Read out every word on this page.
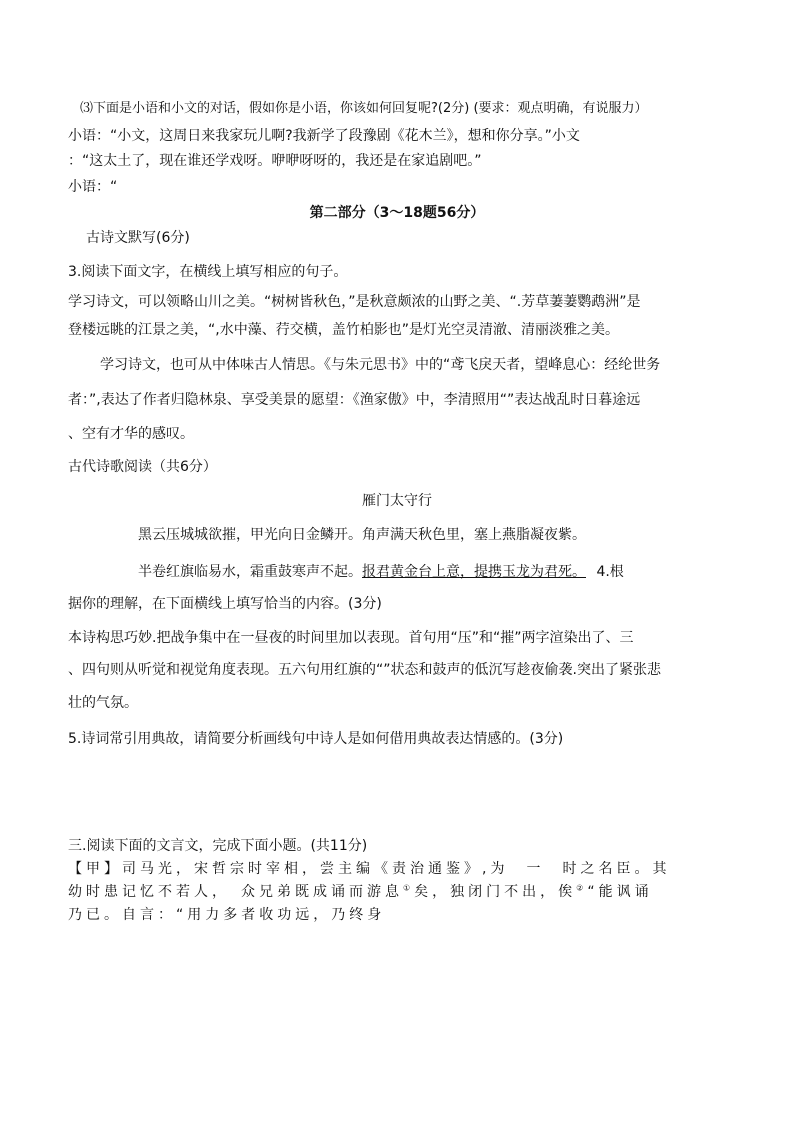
⑶下面是小语和小文的对话，假如你是小语，你该如何回复呢?(2分) (要求：观点明确，有说服力）
小语：“小文，这周日来我家玩儿啊?我新学了段豫剧《花木兰》，想和你分享。”小文
：“这太土了，现在谁还学戏呀。咿咿呀呀的，我还是在家追剧吧。”
小语：“
第二部分（3～18题56分）
古诗文默写(6分)
3.阅读下面文字，在横线上填写相应的句子。
学习诗文，可以领略山川之美。“树树皆秋色，”是秋意颇浓的山野之美、“.芳草萋萋鹦鹉洲”是
登楼远眺的江景之美，“,水中藻、荇交横，盖竹柏影也”是灯光空灵清澈、清丽淡雅之美。
学习诗文，也可从中体味古人情思。《与朱元思书》中的“鸢飞戾天者，望峰息心：经纶世务
者：”,表达了作者归隐林泉、享受美景的愿望：《渔家傲》中，李清照用“”表达战乱时日暮途远
、空有才华的感叹。
古代诗歌阅读（共6分）
雁门太守行
黑云压城城欲摧，甲光向日金鳞开。角声满天秋色里，塞上燕脂凝夜紫。
半卷红旗临易水，霜重鼓寒声不起。报君黄金台上意，提携玉龙为君死。 4.根
据你的理解，在下面横线上填写恰当的内容。(3分)
本诗构思巧妙.把战争集中在一昼夜的时间里加以表现。首句用“压”和“摧”两字渲染出了、三
、四句则从听觉和视觉角度表现。五六句用红旗的“”状态和鼓声的低沉写趁夜偷袭.突出了紧张悲
壮的气氛。
5.诗词常引用典故，请简要分析画线句中诗人是如何借用典故表达情感的。(3分)
三.阅读下面的文言文，完成下面小题。(共11分)
【甲】司马光，宋哲宗时宰相，尝主编《责治通鉴》,为　一　时之名臣。其
幼时患记忆不若人，　众兄弟既成诵而游息①矣，独闭门不出，俟②“能讽诵
乃已。自言：“用力多者收功远，乃终身
